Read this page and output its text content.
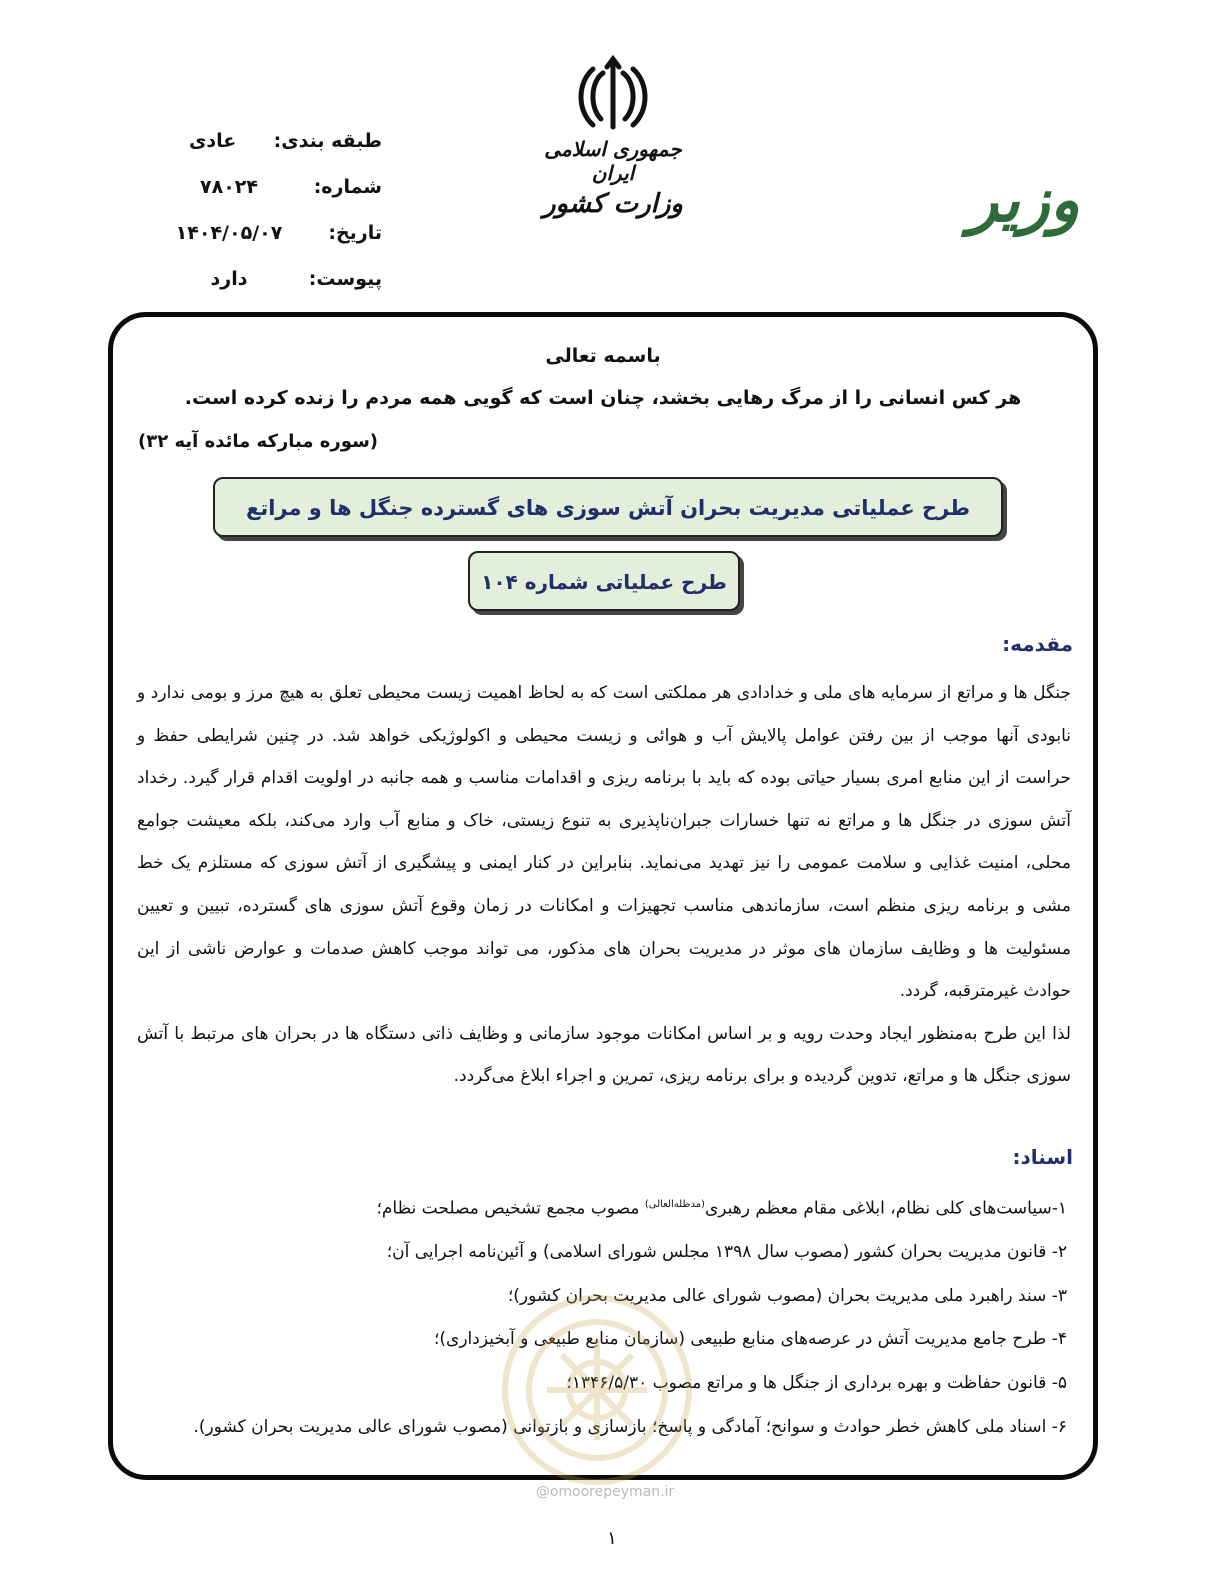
وزیر
جمهوری اسلامی ایران
وزارت کشور
طبقه بندی:
عادی
شماره:
۷۸۰۲۴
تاریخ:
۱۴۰۴/۰۵/۰۷
پیوست:
دارد
باسمه تعالی
هر کس انسانی را از مرگ رهایی بخشد، چنان است که گویی همه مردم را زنده کرده است.
(سوره مبارکه مائده آیه ۳۲)
طرح عملیاتی مدیریت بحران آتش سوزی های گسترده جنگل ها و مراتع
طرح عملیاتی شماره ۱۰۴
مقدمه:

جنگل ها و مراتع از سرمایه های ملی و خدادادی هر مملکتی است که به لحاظ اهمیت زیست محیطی تعلق به هیچ مرز و بومی ندارد و نابودی آنها موجب از بین رفتن عوامل پالایش آب و هوائی و زیست محیطی و اکولوژیکی خواهد شد. در چنین شرایطی حفظ و حراست از این منابع امری بسیار حیاتی بوده که باید با برنامه ریزی و اقدامات مناسب و همه جانبه در اولویت اقدام قرار گیرد. رخداد آتش سوزی در جنگل ها و مراتع نه تنها خسارات جبران‌ناپذیری به تنوع زیستی، خاک و منابع آب وارد می‌کند، بلکه معیشت جوامع محلی، امنیت غذایی و سلامت عمومی را نیز تهدید می‌نماید. بنابراین در کنار ایمنی و پیشگیری از آتش سوزی که مستلزم یک خط مشی و برنامه ریزی منظم است، سازماندهی مناسب تجهیزات و امکانات در زمان وقوع آتش سوزی های گسترده، تبیین و تعیین مسئولیت ها و وظایف سازمان های موثر در مدیریت بحران های مذکور، می تواند موجب کاهش صدمات و عوارض ناشی از این حوادث غیرمترقبه، گردد.

لذا این طرح به‌منظور ایجاد وحدت رویه و بر اساس امکانات موجود سازمانی و وظایف ذاتی دستگاه ها در بحران های مرتبط با آتش سوزی جنگل ها و مراتع، تدوین گردیده و برای برنامه ریزی، تمرین و اجراء ابلاغ می‌گردد.

اسناد:
۱-سیاست‌های کلی نظام، ابلاغی مقام معظم رهبری$^{(مدظله‌العالی)}$ مصوب مجمع تشخیص مصلحت نظام؛
۲- قانون مدیریت بحران کشور (مصوب سال ۱۳۹۸ مجلس شورای اسلامی) و آئین‌نامه اجرایی آن؛
۳- سند راهبرد ملی مدیریت بحران (مصوب شورای عالی مدیریت بحران کشور)؛
۴- طرح جامع مدیریت آتش در عرصه‌های منابع طبیعی (سازمان منابع طبیعی و آبخیزداری)؛
۵- قانون حفاظت و بهره برداری از جنگل ها و مراتع مصوب ۱۳۴۶/۵/۳۰؛
۶- اسناد ملی کاهش خطر حوادث و سوانح؛ آمادگی و پاسخ؛ بازسازی و بازتوانی (مصوب شورای عالی مدیریت بحران کشور).
@omoorepeyman.ir
۱
